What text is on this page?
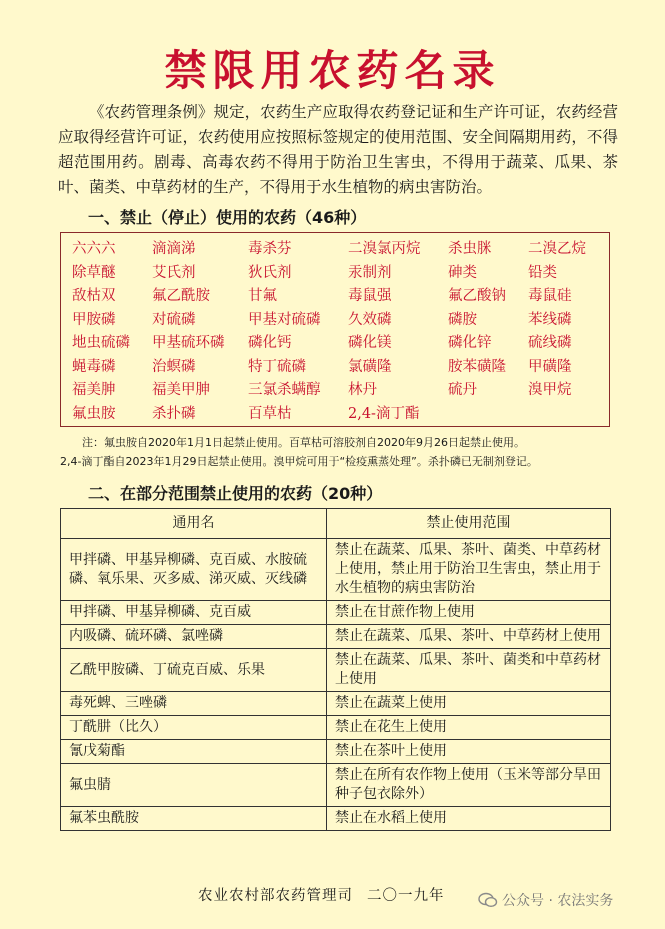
禁限用农药名录
《农药管理条例》规定，农药生产应取得农药登记证和生产许可证，农药经营应取得经营许可证，农药使用应按照标签规定的使用范围、安全间隔期用药，不得超范围用药。剧毒、高毒农药不得用于防治卫生害虫，不得用于蔬菜、瓜果、茶叶、菌类、中草药材的生产，不得用于水生植物的病虫害防治。
一、禁止（停止）使用的农药（46种）
六六六	滴滴涕	毒杀芬	二溴氯丙烷	杀虫脒	二溴乙烷
除草醚	艾氏剂	狄氏剂	汞制剂	砷类	铅类
敌枯双	氟乙酰胺	甘氟	毒鼠强	氟乙酸钠	毒鼠硅
甲胺磷	对硫磷	甲基对硫磷	久效磷	磷胺	苯线磷
地虫硫磷	甲基硫环磷	磷化钙	磷化镁	磷化锌	硫线磷
蝇毒磷	治螟磷	特丁硫磷	氯磺隆	胺苯磺隆	甲磺隆
福美胂	福美甲胂	三氯杀螨醇	林丹	硫丹	溴甲烷
氟虫胺	杀扑磷	百草枯	2,4-滴丁酯
注：氟虫胺自2020年1月1日起禁止使用。百草枯可溶胶剂自2020年9月26日起禁止使用。
2,4-滴丁酯自2023年1月29日起禁止使用。溴甲烷可用于“检疫熏蒸处理”。杀扑磷已无制剂登记。
二、在部分范围禁止使用的农药（20种）
通用名	禁止使用范围
甲拌磷、甲基异柳磷、克百威、水胺硫磷、氧乐果、灭多威、涕灭威、灭线磷	禁止在蔬菜、瓜果、茶叶、菌类、中草药材上使用，禁止用于防治卫生害虫，禁止用于水生植物的病虫害防治
甲拌磷、甲基异柳磷、克百威	禁止在甘蔗作物上使用
内吸磷、硫环磷、氯唑磷	禁止在蔬菜、瓜果、茶叶、中草药材上使用
乙酰甲胺磷、丁硫克百威、乐果	禁止在蔬菜、瓜果、茶叶、菌类和中草药材上使用
毒死蜱、三唑磷	禁止在蔬菜上使用
丁酰肼（比久）	禁止在花生上使用
氰戊菊酯	禁止在茶叶上使用
氟虫腈	禁止在所有农作物上使用（玉米等部分旱田种子包衣除外）
氟苯虫酰胺	禁止在水稻上使用
农业农村部农药管理司 二〇一九年	公众号 · 农法实务
